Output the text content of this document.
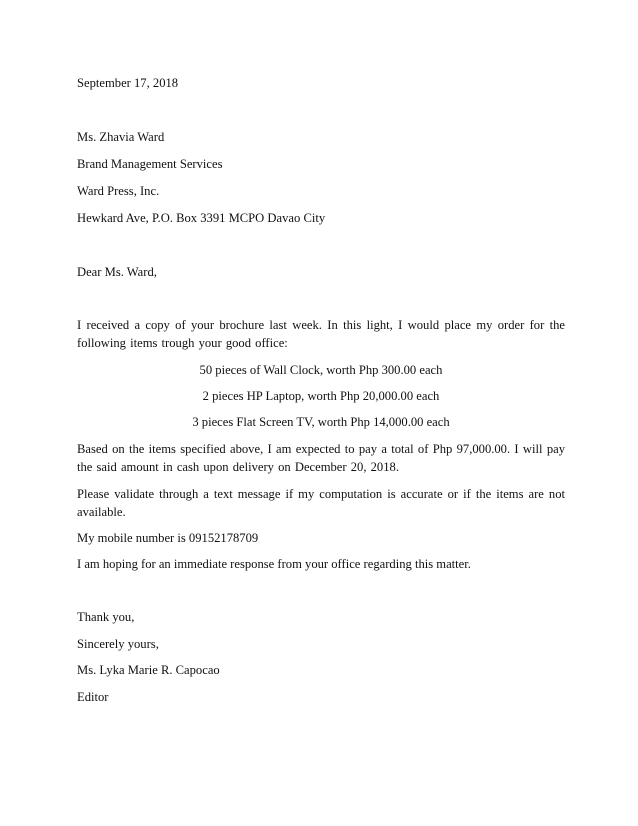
September 17, 2018
Ms. Zhavia Ward
Brand Management Services
Ward Press, Inc.
Hewkard Ave, P.O. Box 3391 MCPO Davao City
Dear Ms. Ward,
I received a copy of your brochure last week. In this light, I would place my order for the following items trough your good office:
50 pieces of Wall Clock, worth Php 300.00 each
2 pieces HP Laptop, worth Php 20,000.00 each
3 pieces Flat Screen TV, worth Php 14,000.00 each
Based on the items specified above, I am expected to pay a total of Php 97,000.00. I will pay the said amount in cash upon delivery on December 20, 2018.
Please validate through a text message if my computation is accurate or if the items are not available.
My mobile number is 09152178709
I am hoping for an immediate response from your office regarding this matter.
Thank you,
Sincerely yours,
Ms. Lyka Marie R. Capocao
Editor
